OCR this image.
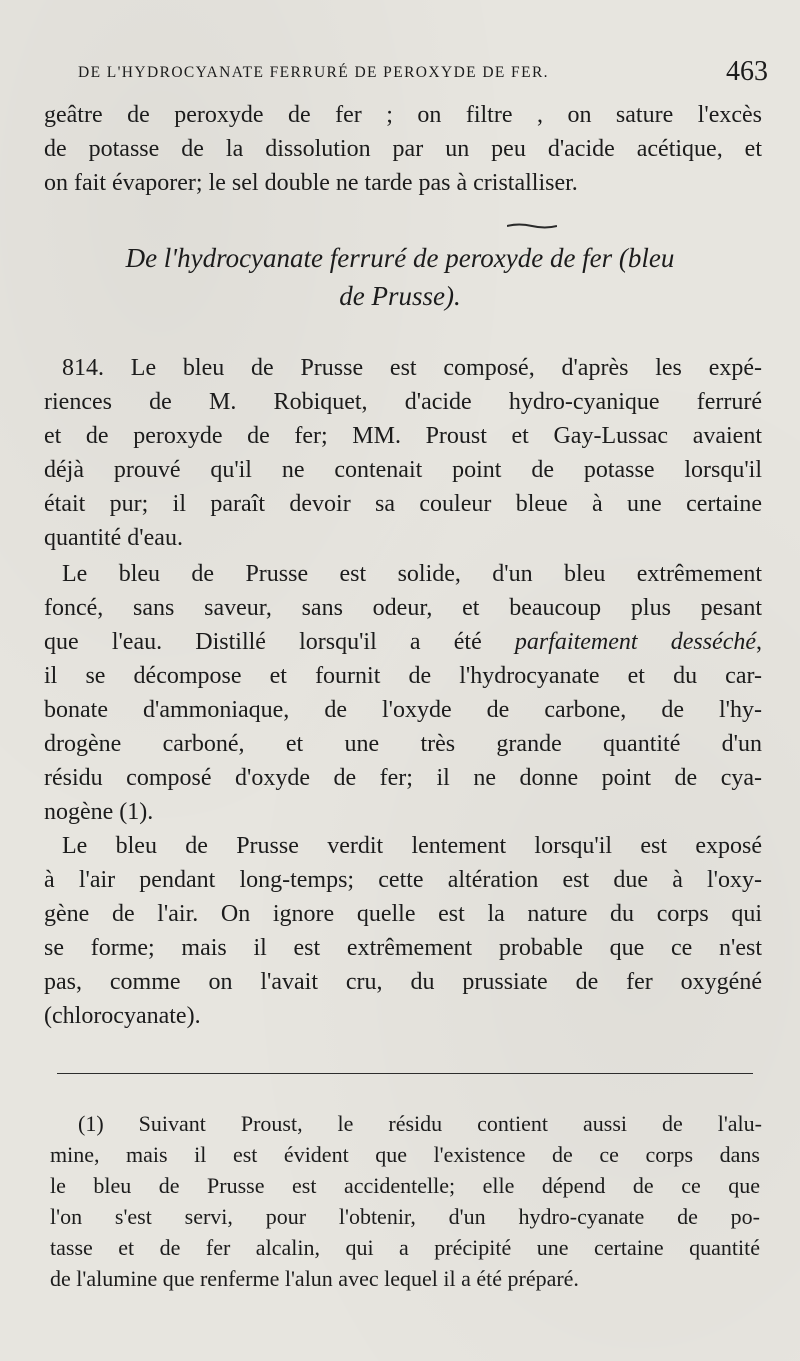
DE L'HYDROCYANATE FERRURÉ DE PEROXYDE DE FER.	463
geâtre de peroxyde de fer ; on filtre , on sature l'excès
de potasse de la dissolution par un peu d'acide acétique, et
on fait évaporer; le sel double ne tarde pas à cristalliser.
De l'hydrocyanate ferruré de peroxyde de fer (bleu
de Prusse).
814. Le bleu de Prusse est composé, d'après les expé-
riences de M. Robiquet, d'acide hydro-cyanique ferruré
et de peroxyde de fer; MM. Proust et Gay-Lussac avaient
déjà prouvé qu'il ne contenait point de potasse lorsqu'il
était pur; il paraît devoir sa couleur bleue à une certaine
quantité d'eau.
Le bleu de Prusse est solide, d'un bleu extrêmement
foncé, sans saveur, sans odeur, et beaucoup plus pesant
que l'eau. Distillé lorsqu'il a été parfaitement desséché,
il se décompose et fournit de l'hydrocyanate et du car-
bonate d'ammoniaque, de l'oxyde de carbone, de l'hy-
drogène carboné, et une très grande quantité d'un
résidu composé d'oxyde de fer; il ne donne point de cya-
nogène (1).
Le bleu de Prusse verdit lentement lorsqu'il est exposé
à l'air pendant long-temps; cette altération est due à l'oxy-
gène de l'air. On ignore quelle est la nature du corps qui
se forme; mais il est extrêmement probable que ce n'est
pas, comme on l'avait cru, du prussiate de fer oxygéné
(chlorocyanate).
(1) Suivant Proust, le résidu contient aussi de l'alu-
mine, mais il est évident que l'existence de ce corps dans
le bleu de Prusse est accidentelle; elle dépend de ce que
l'on s'est servi, pour l'obtenir, d'un hydro-cyanate de po-
tasse et de fer alcalin, qui a précipité une certaine quantité
de l'alumine que renferme l'alun avec lequel il a été préparé.
